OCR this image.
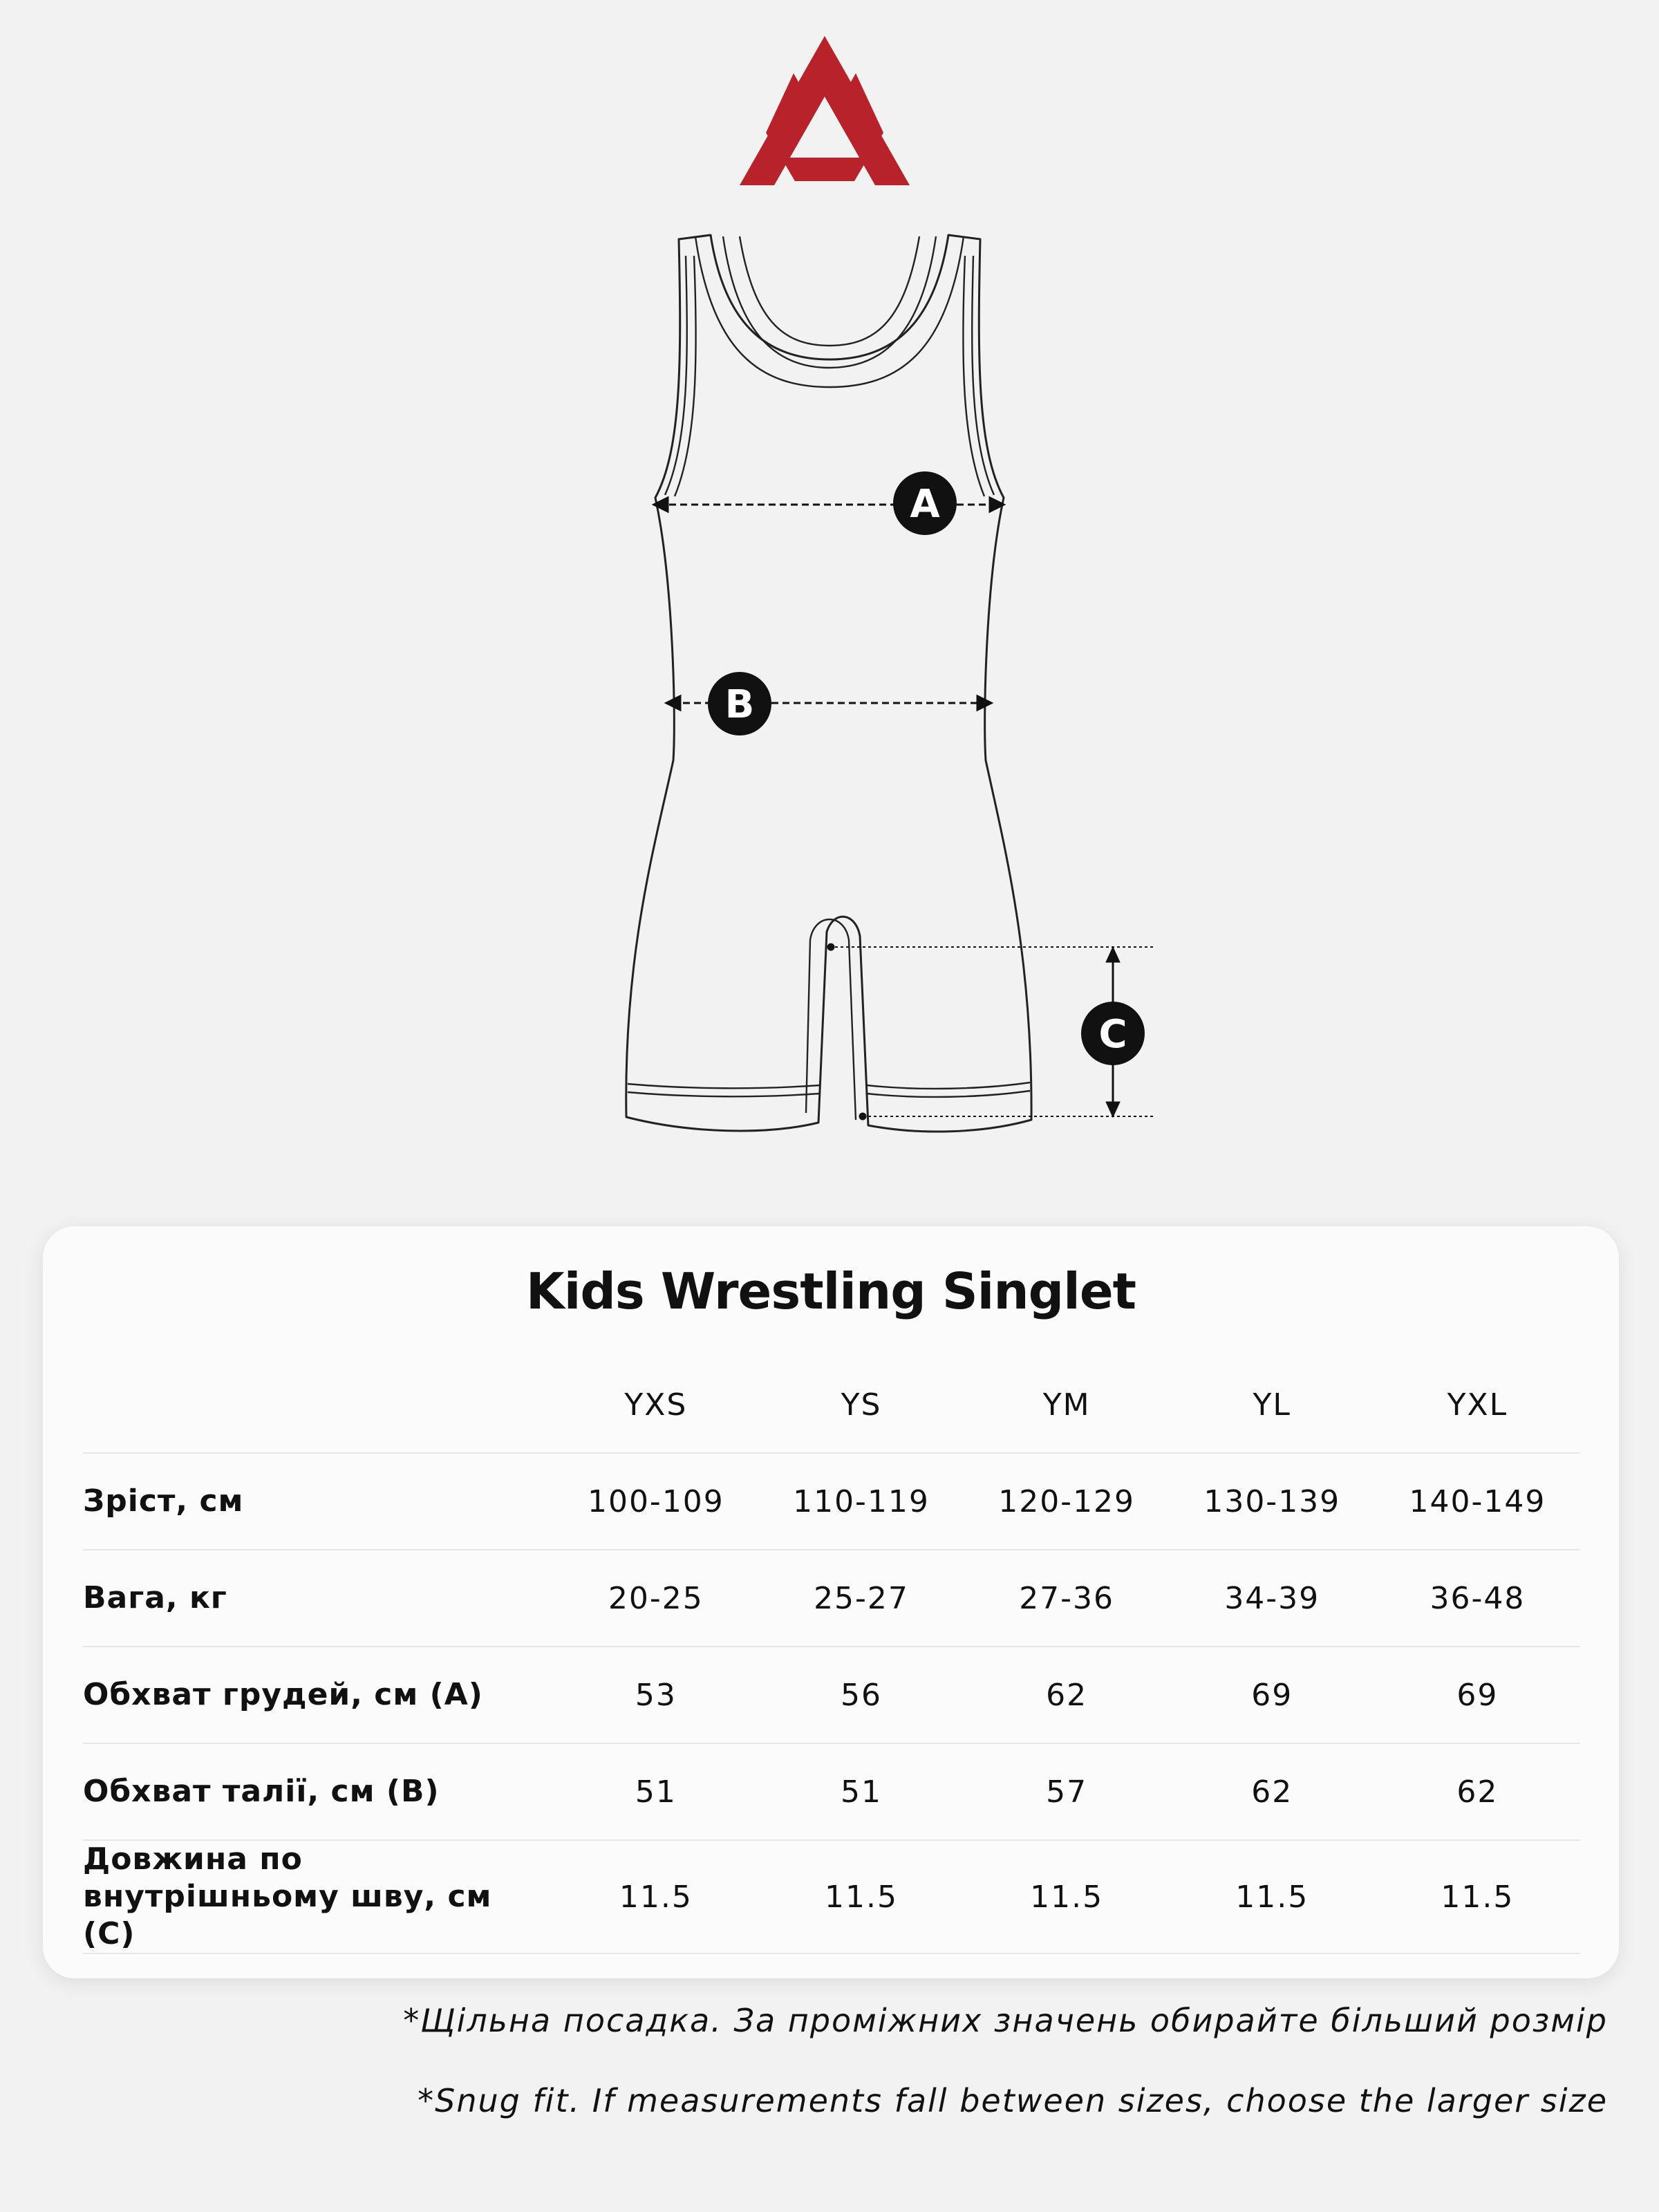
A
B
C
Kids Wrestling Singlet
	YXS	YS	YM	YL	YXL
Зріст, см	100-109	110-119	120-129	130-139	140-149
Вага, кг	20-25	25-27	27-36	34-39	36-48
Обхват грудей, см (A)	53	56	62	69	69
Обхват талії, см (B)	51	51	57	62	62
Довжина по
внутрішньому шву, см (C)	11.5	11.5	11.5	11.5	11.5
*Щільна посадка. За проміжних значень обирайте більший розмір
*Snug fit. If measurements fall between sizes, choose the larger size
